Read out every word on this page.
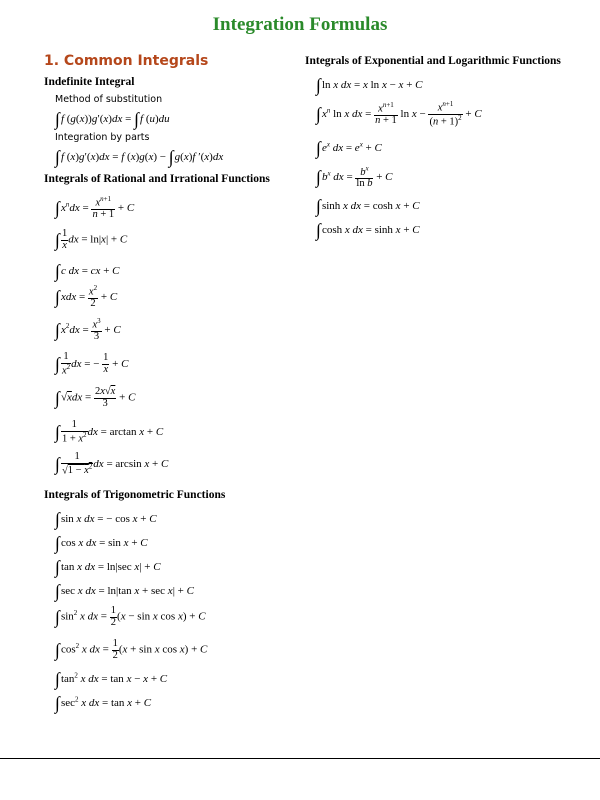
Integration Formulas
1. Common Integrals
Indefinite Integral
Method of substitution
∫f (g(x))g′(x)dx = ∫f (u)du
Integration by parts
∫f (x)g′(x)dx = f (x)g(x) − ∫g(x)f ′(x)dx
Integrals of Rational and Irrational Functions
$\int x^ndx = \frac{x^{n+1}}{n + 1} + C$
∫ $\frac{1}{x}$ dx = ln|x| + C
∫c dx = cx + C
$\int xdx = \frac{x^2}{2} + C$
$\int x^2dx = \frac{x^3}{3} + C$
∫ $\frac{1}{x^2}$ dx = − $\frac{1}{x} + C$
$\int√xdx = \frac{2x√x}{3} + C$
∫ $\frac{1}{1 + x^2}$ dx = arctan x + C
∫ $\frac{1}{√1 - x^2}$ dx = arcsin x + C
Integrals of Trigonometric Functions
∫sin x dx = − cos x + C
∫cos x dx = sin x + C
∫tan x dx = ln|sec x| + C
∫sec x dx = ln|tan x + sec x| + C
$\int\sin^2$ x dx = $\frac{1}{2} (x - \sin x$ cos x) + C
$\int\cos^2$ x dx = $\frac{1}{2} (x + \sin x$ cos x) + C
$\int\tan^2$ x dx = tan x − x + C
$\int\sec^2$ x dx = tan x + C
Integrals of Exponential and Logarithmic Functions
∫ln x dx = x ln x − x + C
$\int x^n$ ln x dx = $\frac{x^{n+1}}{n + 1}$ $\ln x - \frac{x^{n+1}}{(n + 1)^2} + C$
$\int e^x$ dx = $e^x + C$
$\int b^x$ dx = $\frac{b^x}{\text{ln b}} + C$
∫sinh x dx = cosh x + C
∫cosh x dx = sinh x + C
